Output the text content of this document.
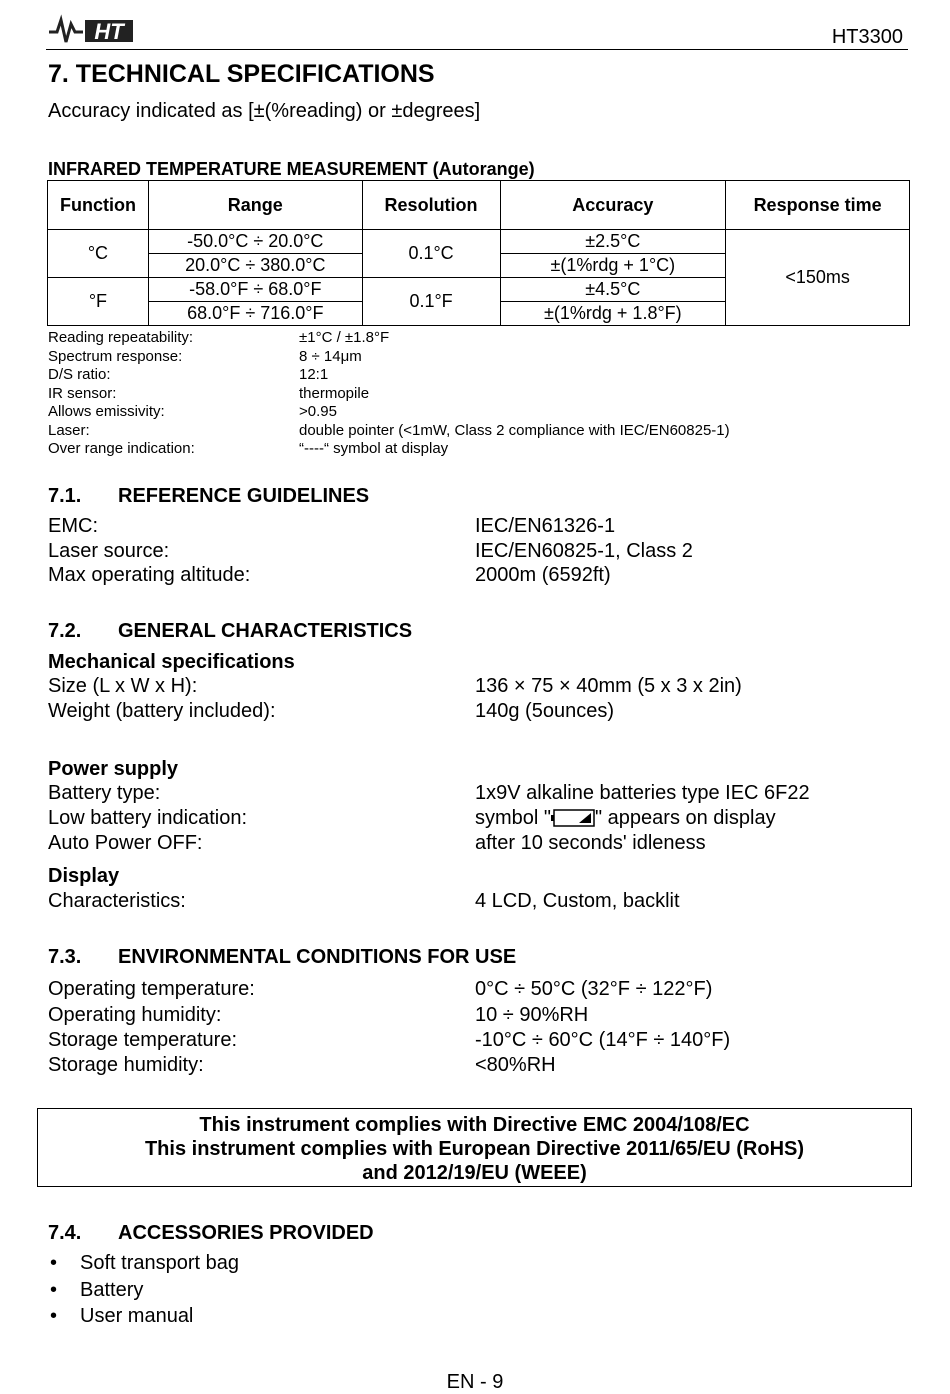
HT	HT3300
7. TECHNICAL SPECIFICATIONS
Accuracy indicated as [±(%reading) or ±degrees]
INFRARED TEMPERATURE MEASUREMENT (Autorange)
Function	Range	Resolution	Accuracy	Response time
°C	-50.0°C ÷ 20.0°C	0.1°C	±2.5°C	<150ms
	20.0°C ÷ 380.0°C		±(1%rdg + 1°C)	
°F	-58.0°F ÷ 68.0°F	0.1°F	±4.5°C	
	68.0°F ÷ 716.0°F		±(1%rdg + 1.8°F)	
Reading repeatability:	±1°C / ±1.8°F
Spectrum response:	8 ÷ 14μm
D/S ratio:	12:1
IR sensor:	thermopile
Allows emissivity:	>0.95
Laser:	double pointer (<1mW, Class 2 compliance with IEC/EN60825-1)
Over range indication:	“----“ symbol at display
7.1. REFERENCE GUIDELINES
EMC:	IEC/EN61326-1
Laser source:	IEC/EN60825-1, Class 2
Max operating altitude:	2000m (6592ft)
7.2. GENERAL CHARACTERISTICS
Mechanical specifications
Size (L x W x H):	136 × 75 × 40mm (5 x 3 x 2in)
Weight (battery included):	140g (5ounces)
Power supply
Battery type:	1x9V alkaline batteries type IEC 6F22
Low battery indication:	symbol " " appears on display
Auto Power OFF:	after 10 seconds' idleness
Display
Characteristics:	4 LCD, Custom, backlit
7.3. ENVIRONMENTAL CONDITIONS FOR USE
Operating temperature:	0°C ÷ 50°C (32°F ÷ 122°F)
Operating humidity:	10 ÷ 90%RH
Storage temperature:	-10°C ÷ 60°C (14°F ÷ 140°F)
Storage humidity:	<80%RH
This instrument complies with Directive EMC 2004/108/EC
This instrument complies with European Directive 2011/65/EU (RoHS)
and 2012/19/EU (WEEE)
7.4. ACCESSORIES PROVIDED
• Soft transport bag
• Battery
• User manual
EN - 9
